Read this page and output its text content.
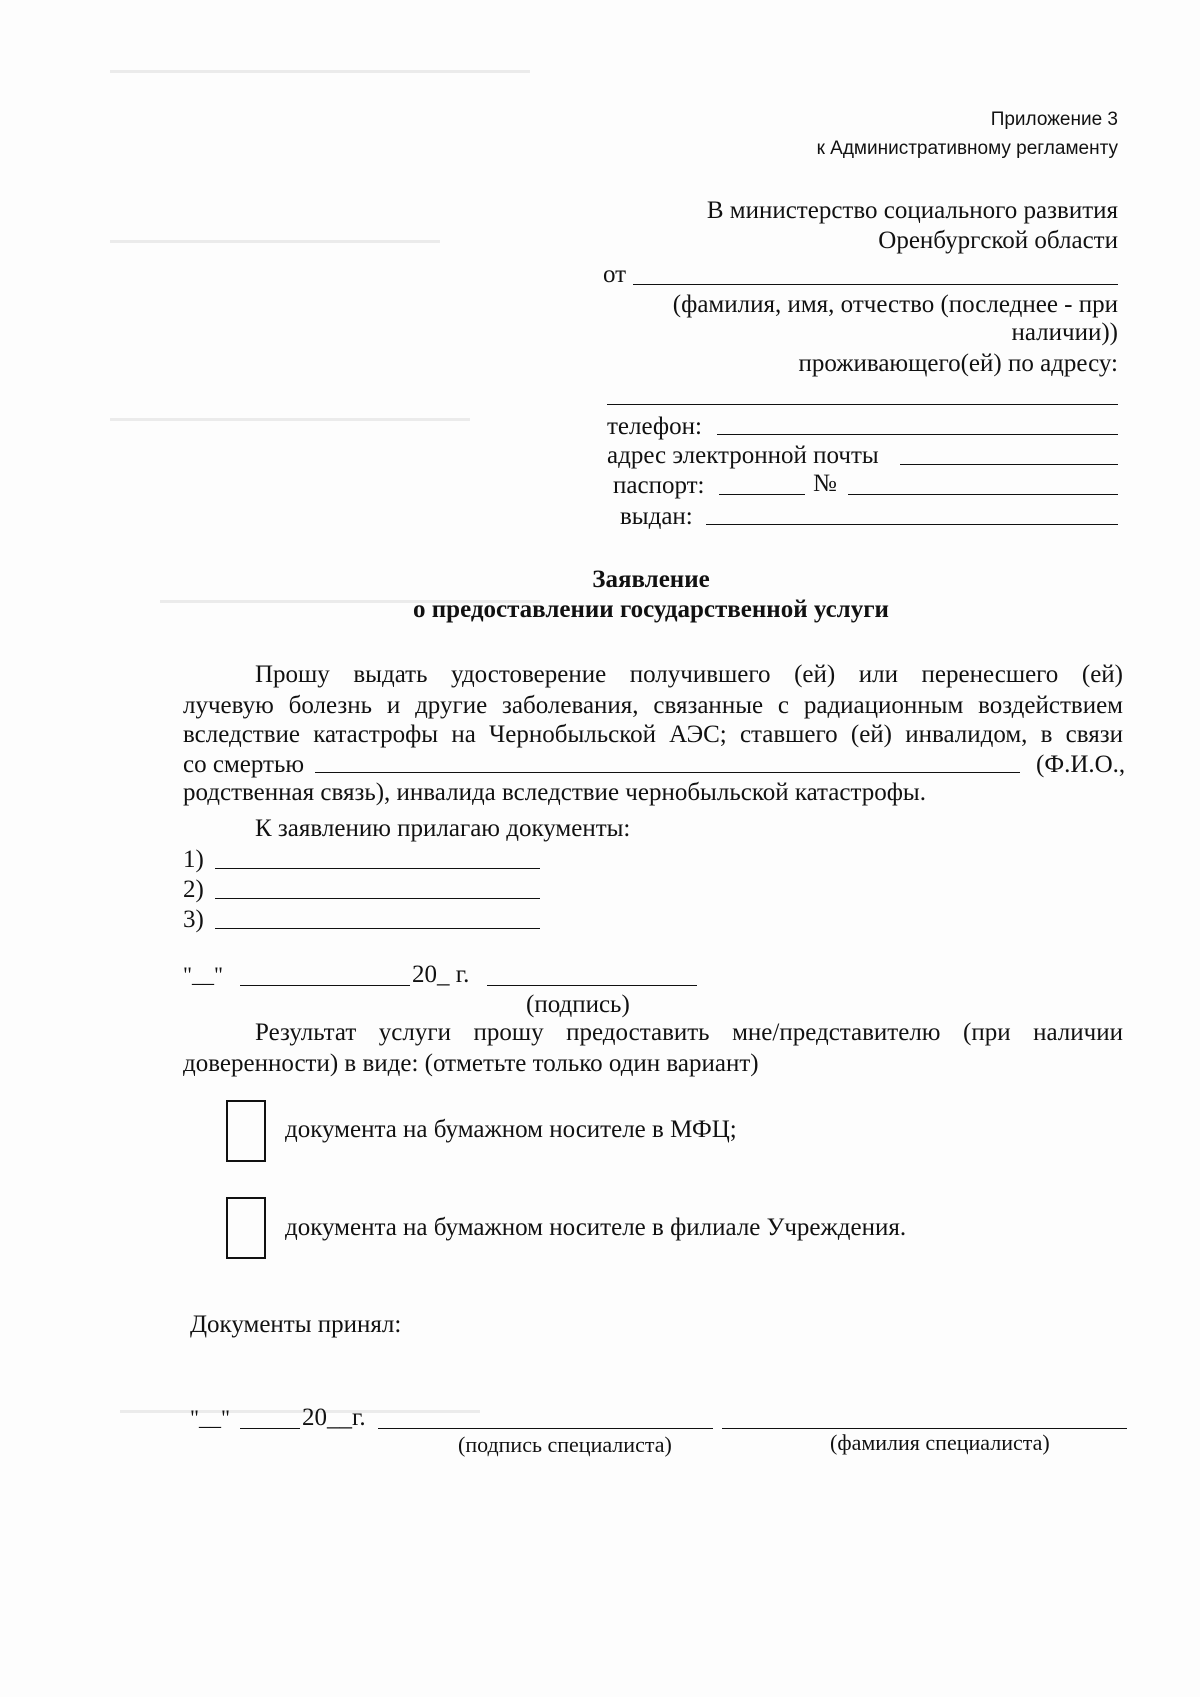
Приложение 3
к Административному регламенту
В министерство социального развития
Оренбургской области
от
(фамилия, имя, отчество (последнее - при
наличии))
проживающего(ей) по адресу:
телефон:
адрес электронной почты
паспорт:	№
выдан:
Заявление
о предоставлении государственной услуги
Прошу выдать удостоверение получившего (ей) или перенесшего (ей)
лучевую болезнь и другие заболевания, связанные с радиационным воздействием
вследствие катастрофы на Чернобыльской АЭС; ставшего (ей) инвалидом, в связи
со смертью	(Ф.И.О.,
родственная связь), инвалида вследствие чернобыльской катастрофы.
К заявлению прилагаю документы:
1)
2)
3)
"__"	20_ г.
(подпись)
Результат услуги прошу предоставить мне/представителю (при наличии
доверенности) в виде: (отметьте только один вариант)
документа на бумажном носителе в МФЦ;
документа на бумажном носителе в филиале Учреждения.
Документы принял:
"__"	20__г.
(подпись специалиста)	(фамилия специалиста)
